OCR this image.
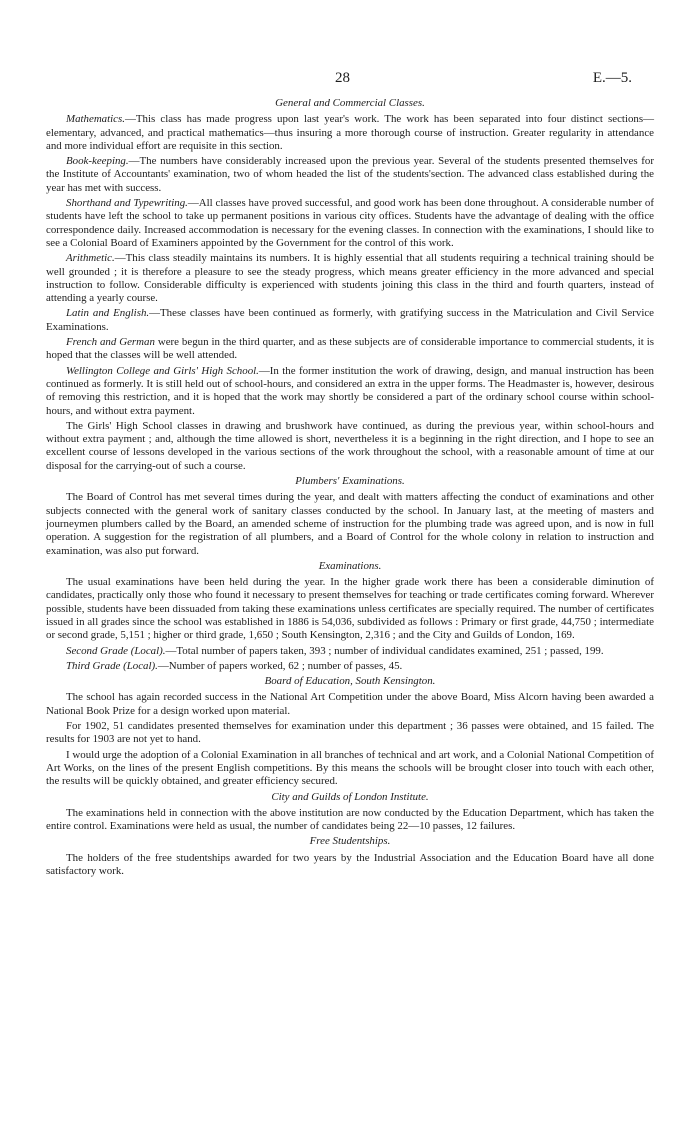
28	E.—5.
General and Commercial Classes.

Mathematics.—This class has made progress upon last year's work. The work has been separated into four distinct sections—elementary, advanced, and practical mathematics—thus insuring a more thorough course of instruction. Greater regularity in attendance and more individual effort are requisite in this section.

Book-keeping.—The numbers have considerably increased upon the previous year. Several of the students presented themselves for the Institute of Accountants' examination, two of whom headed the list of the students'section. The advanced class established during the year has met with success.

Shorthand and Typewriting.—All classes have proved successful, and good work has been done throughout. A considerable number of students have left the school to take up permanent positions in various city offices. Students have the advantage of dealing with the office correspondence daily. Increased accommodation is necessary for the evening classes. In connection with the examinations, I should like to see a Colonial Board of Examiners appointed by the Government for the control of this work.

Arithmetic.—This class steadily maintains its numbers. It is highly essential that all students requiring a technical training should be well grounded ; it is therefore a pleasure to see the steady progress, which means greater efficiency in the more advanced and special instruction to follow. Considerable difficulty is experienced with students joining this class in the third and fourth quarters, instead of attending a yearly course.

Latin and English.—These classes have been continued as formerly, with gratifying success in the Matriculation and Civil Service Examinations.

French and German were begun in the third quarter, and as these subjects are of considerable importance to commercial students, it is hoped that the classes will be well attended.

Wellington College and Girls' High School.—In the former institution the work of drawing, design, and manual instruction has been continued as formerly. It is still held out of school-hours, and considered an extra in the upper forms. The Headmaster is, however, desirous of removing this restriction, and it is hoped that the work may shortly be considered a part of the ordinary school course within school-hours, and without extra payment.

The Girls' High School classes in drawing and brushwork have continued, as during the previous year, within school-hours and without extra payment ; and, although the time allowed is short, nevertheless it is a beginning in the right direction, and I hope to see an excellent course of lessons developed in the various sections of the work throughout the school, with a reasonable amount of time at our disposal for the carrying-out of such a course.

Plumbers' Examinations.

The Board of Control has met several times during the year, and dealt with matters affecting the conduct of examinations and other subjects connected with the general work of sanitary classes conducted by the school. In January last, at the meeting of masters and journeymen plumbers called by the Board, an amended scheme of instruction for the plumbing trade was agreed upon, and is now in full operation. A suggestion for the registration of all plumbers, and a Board of Control for the whole colony in relation to instruction and examination, was also put forward.

Examinations.

The usual examinations have been held during the year. In the higher grade work there has been a considerable diminution of candidates, practically only those who found it necessary to present themselves for teaching or trade certificates coming forward. Wherever possible, students have been dissuaded from taking these examinations unless certificates are specially required. The number of certificates issued in all grades since the school was established in 1886 is 54,036, subdivided as follows : Primary or first grade, 44,750 ; intermediate or second grade, 5,151 ; higher or third grade, 1,650 ; South Kensington, 2,316 ; and the City and Guilds of London, 169.

Second Grade (Local).—Total number of papers taken, 393 ; number of individual candidates examined, 251 ; passed, 199.

Third Grade (Local).—Number of papers worked, 62 ; number of passes, 45.

Board of Education, South Kensington.

The school has again recorded success in the National Art Competition under the above Board, Miss Alcorn having been awarded a National Book Prize for a design worked upon material.

For 1902, 51 candidates presented themselves for examination under this department ; 36 passes were obtained, and 15 failed. The results for 1903 are not yet to hand.

I would urge the adoption of a Colonial Examination in all branches of technical and art work, and a Colonial National Competition of Art Works, on the lines of the present English competitions. By this means the schools will be brought closer into touch with each other, the results will be quickly obtained, and greater efficiency secured.

City and Guilds of London Institute.

The examinations held in connection with the above institution are now conducted by the Education Department, which has taken the entire control. Examinations were held as usual, the number of candidates being 22—10 passes, 12 failures.

Free Studentships.

The holders of the free studentships awarded for two years by the Industrial Association and the Education Board have all done satisfactory work.
